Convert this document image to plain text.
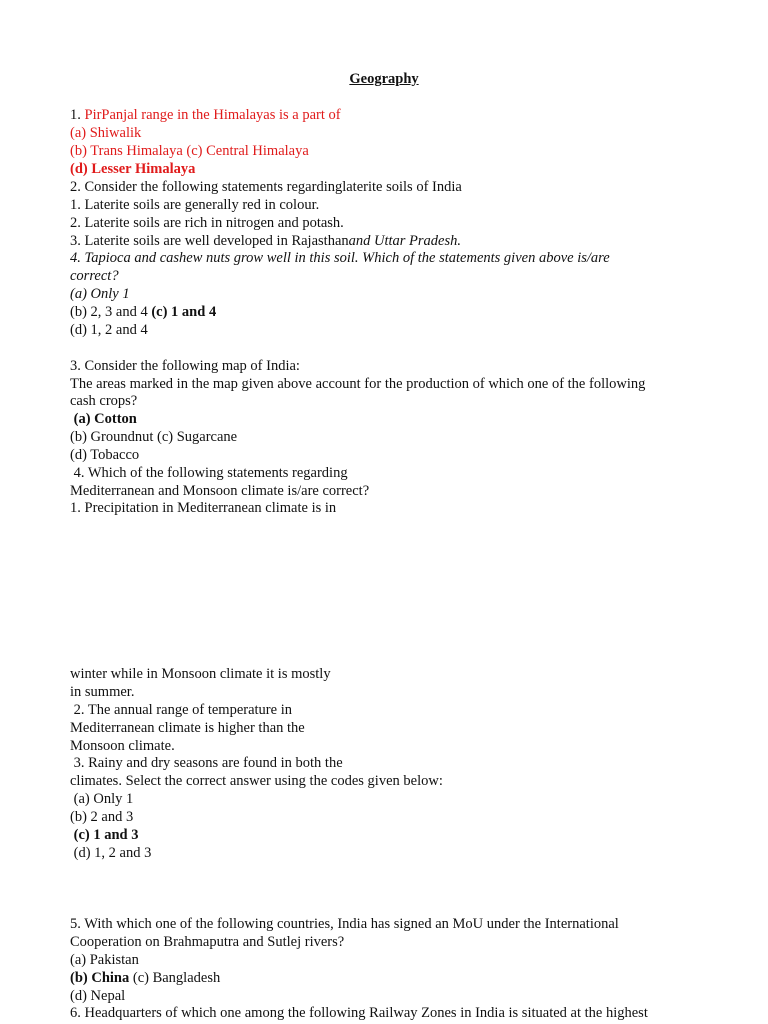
Geography
1. PirPanjal range in the Himalayas is a part of
(a) Shiwalik
(b) Trans Himalaya (c) Central Himalaya
(d) Lesser Himalaya
2. Consider the following statements regardinglaterite soils of India
1. Laterite soils are generally red in colour.
2. Laterite soils are rich in nitrogen and potash.
3. Laterite soils are well developed in Rajasthanand Uttar Pradesh.
4. Tapioca and cashew nuts grow well in this soil. Which of the statements given above is/are
correct?
(a) Only 1
(b) 2, 3 and 4 (c) 1 and 4
(d) 1, 2 and 4
3. Consider the following map of India:
The areas marked in the map given above account for the production of which one of the following
cash crops?
(a) Cotton
(b) Groundnut (c) Sugarcane
(d) Tobacco
4. Which of the following statements regarding
Mediterranean and Monsoon climate is/are correct?
1. Precipitation in Mediterranean climate is in
winter while in Monsoon climate it is mostly
in summer.
2. The annual range of temperature in
Mediterranean climate is higher than the
Monsoon climate.
3. Rainy and dry seasons are found in both the
climates. Select the correct answer using the codes given below:
(a) Only 1
(b) 2 and 3
(c) 1 and 3
(d) 1, 2 and 3
5. With which one of the following countries, India has signed an MoU under the International
Cooperation on Brahmaputra and Sutlej rivers?
(a) Pakistan
(b) China (c) Bangladesh
(d) Nepal
6. Headquarters of which one among the following Railway Zones in India is situated at the highest
